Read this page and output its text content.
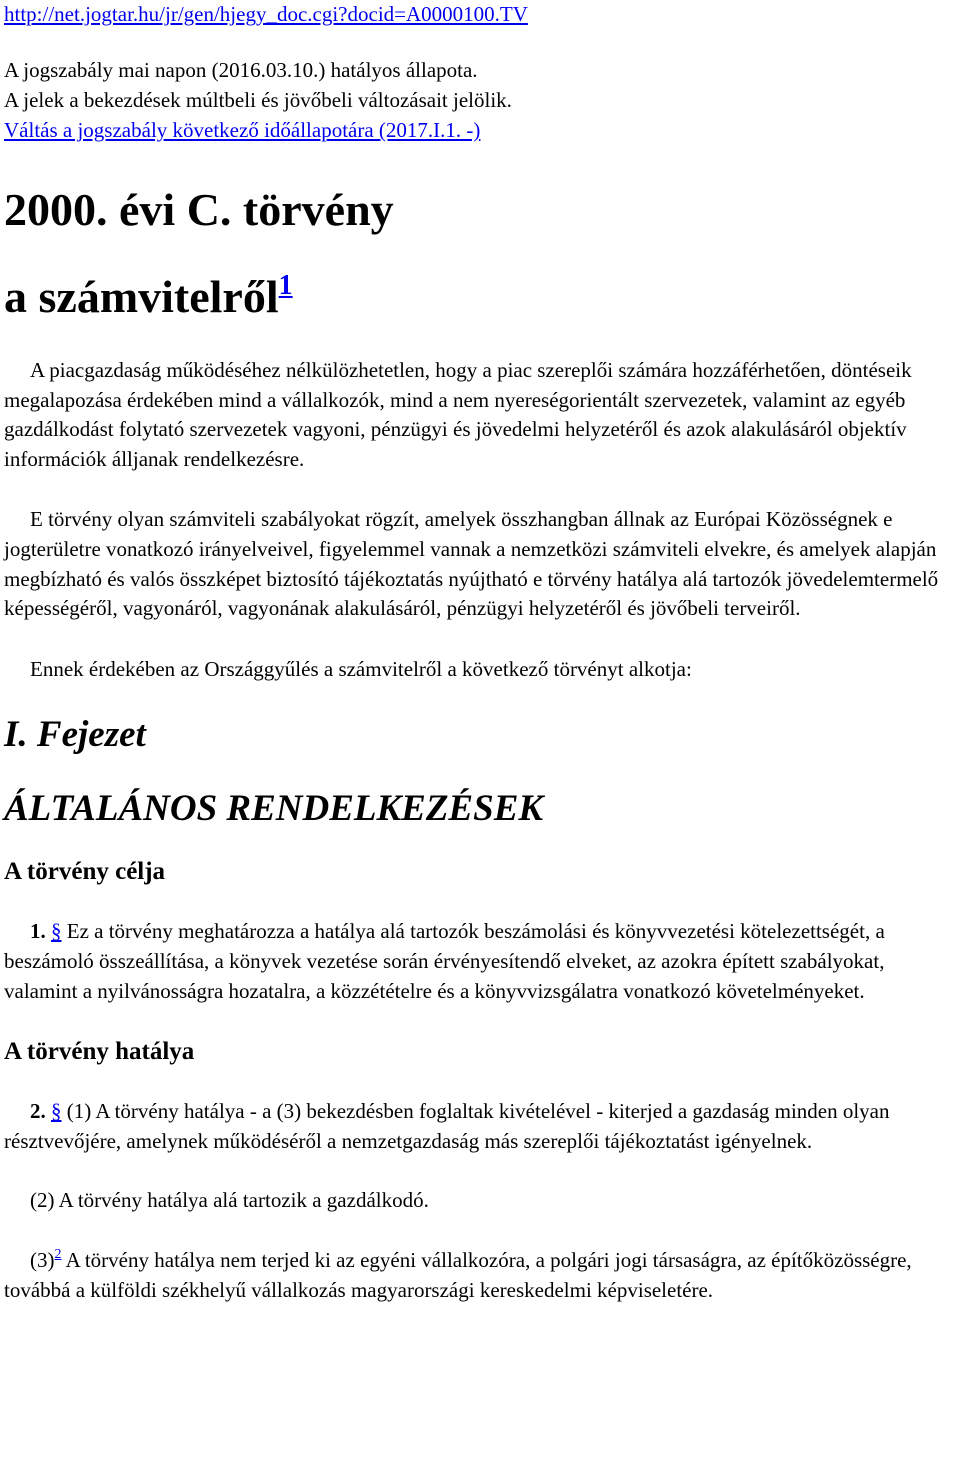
http://net.jogtar.hu/jr/gen/hjegy_doc.cgi?docid=A0000100.TV

A jogszabály mai napon (2016.03.10.) hatályos állapota.

A jelek a bekezdések múltbeli és jövőbeli változásait jelölik.

Váltás a jogszabály következő időállapotára (2017.I.1. -)

2000. évi C. törvény
a számvitelről$^1$

A piacgazdaság működéséhez nélkülözhetetlen, hogy a piac szereplői számára hozzáférhetően, döntéseik megalapozása érdekében mind a vállalkozók, mind a nem nyereségorientált szervezetek, valamint az egyéb gazdálkodást folytató szervezetek vagyoni, pénzügyi és jövedelmi helyzetéről és azok alakulásáról objektív információk álljanak rendelkezésre.

E törvény olyan számviteli szabályokat rögzít, amelyek összhangban állnak az Európai Közösségnek e jogterületre vonatkozó irányelveivel, figyelemmel vannak a nemzetközi számviteli elvekre, és amelyek alapján megbízható és valós összképet biztosító tájékoztatás nyújtható e törvény hatálya alá tartozók jövedelemtermelő képességéről, vagyonáról, vagyonának alakulásáról, pénzügyi helyzetéről és jövőbeli terveiről.

Ennek érdekében az Országgyűlés a számvitelről a következő törvényt alkotja:

I. Fejezet
ÁLTALÁNOS RENDELKEZÉSEK
A törvény célja

1. § Ez a törvény meghatározza a hatálya alá tartozók beszámolási és könyvvezetési kötelezettségét, a beszámoló összeállítása, a könyvek vezetése során érvényesítendő elveket, az azokra épített szabályokat, valamint a nyilvánosságra hozatalra, a közzétételre és a könyvvizsgálatra vonatkozó követelményeket.

A törvény hatálya

2. § (1) A törvény hatálya - a (3) bekezdésben foglaltak kivételével - kiterjed a gazdaság minden olyan résztvevőjére, amelynek működéséről a nemzetgazdaság más szereplői tájékoztatást igényelnek.

(2) A törvény hatálya alá tartozik a gazdálkodó.

(3)$^2$ A törvény hatálya nem terjed ki az egyéni vállalkozóra, a polgári jogi társaságra, az építőközösségre, továbbá a külföldi székhelyű vállalkozás magyarországi kereskedelmi képviseletére.
